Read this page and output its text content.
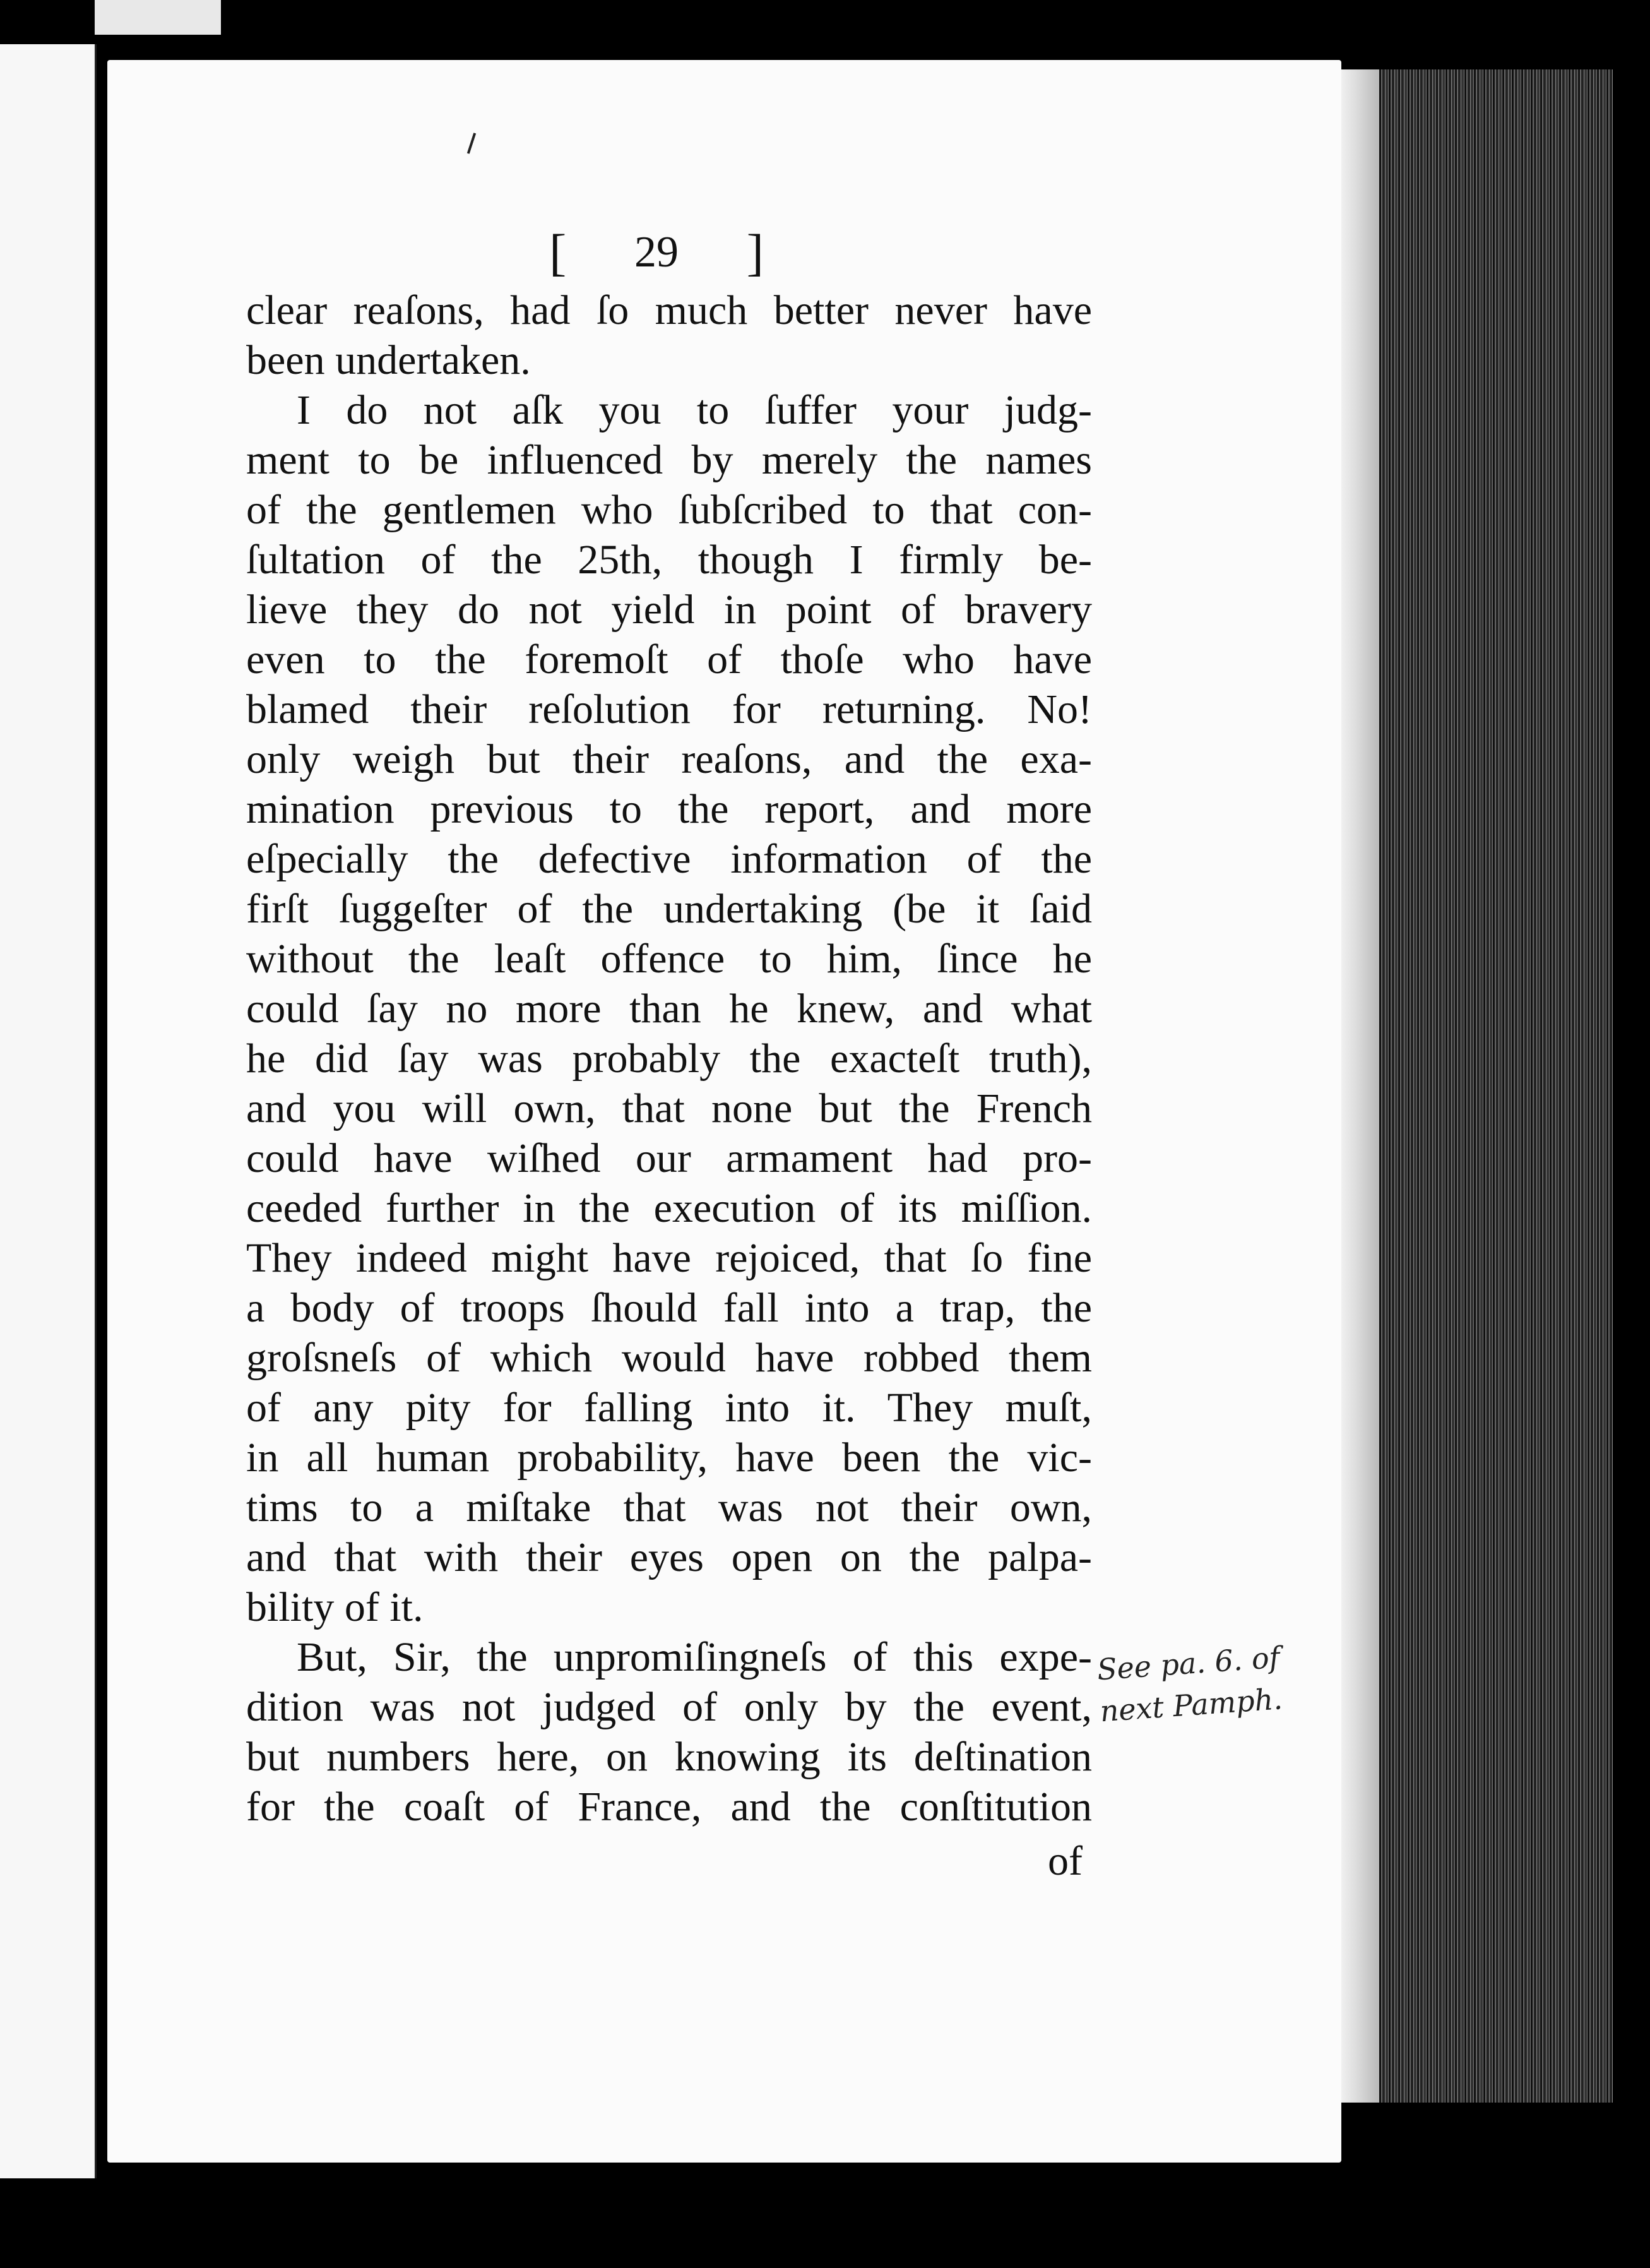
[ 29 ]
clear reaſons, had ſo much better never have
been undertaken.
I do not aſk you to ſuffer your judg-
ment to be influenced by merely the names
of the gentlemen who ſubſcribed to that con-
ſultation of the 25th, though I firmly be-
lieve they do not yield in point of bravery
even to the foremoſt of thoſe who have
blamed their reſolution for returning. No!
only weigh but their reaſons, and the exa-
mination previous to the report, and more
eſpecially the defective information of the
firſt ſuggeſter of the undertaking (be it ſaid
without the leaſt offence to him, ſince he
could ſay no more than he knew, and what
he did ſay was probably the exacteſt truth),
and you will own, that none but the French
could have wiſhed our armament had pro-
ceeded further in the execution of its miſſion.
They indeed might have rejoiced, that ſo fine
a body of troops ſhould fall into a trap, the
groſsneſs of which would have robbed them
of any pity for falling into it. They muſt,
in all human probability, have been the vic-
tims to a miſtake that was not their own,
and that with their eyes open on the palpa-
bility of it.
But, Sir, the unpromiſingneſs of this expe-
dition was not judged of only by the event,
but numbers here, on knowing its deſtination
for the coaſt of France, and the conſtitution
of
See pa. 6. of
next Pamph.
